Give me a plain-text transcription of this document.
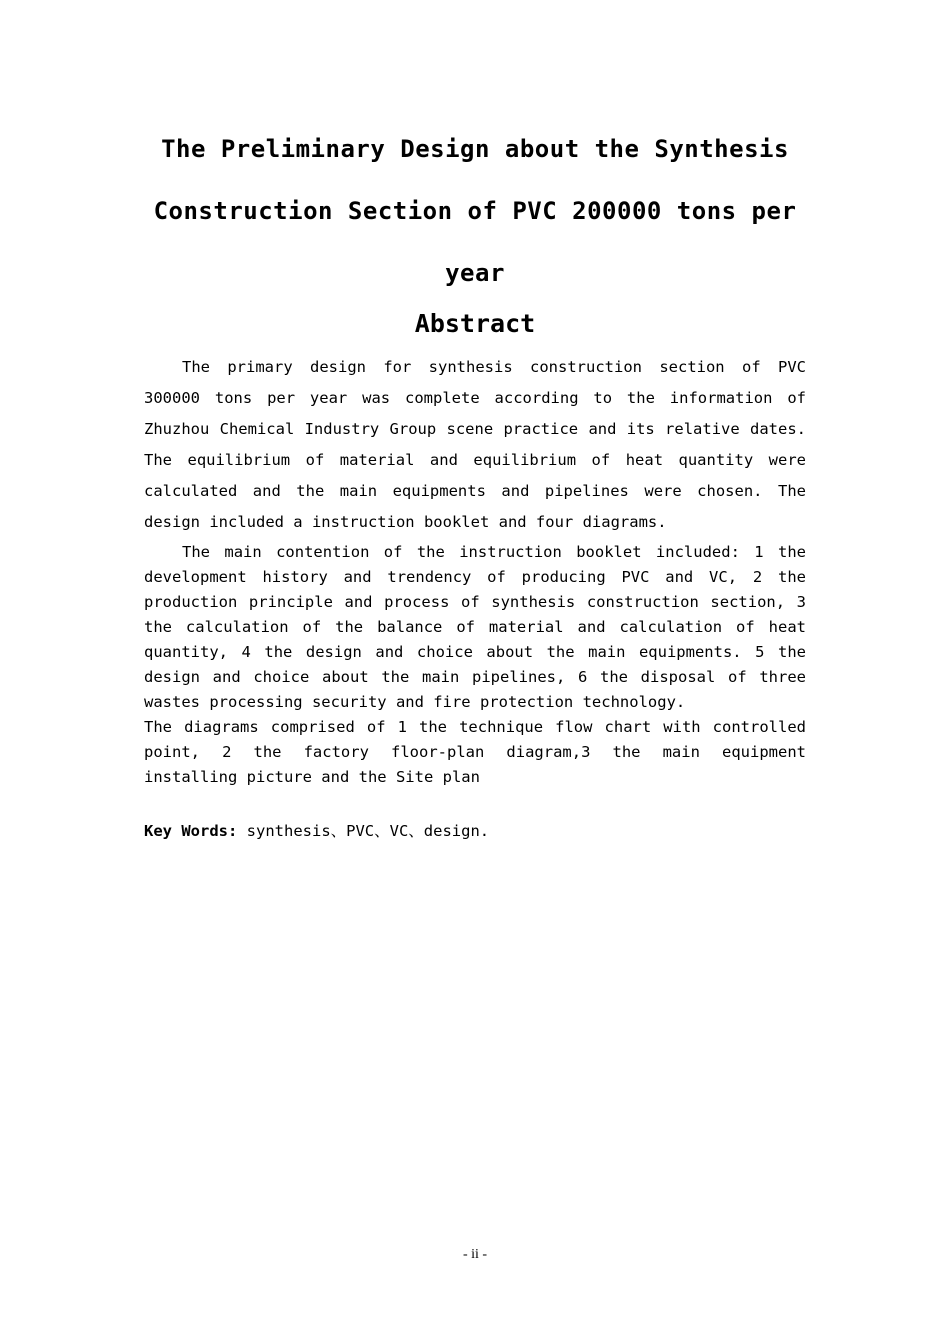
The Preliminary Design about the Synthesis
Construction Section of PVC 200000 tons per
year
Abstract

The primary design for synthesis construction section of PVC 300000 tons per year was complete according to the information of Zhuzhou Chemical Industry Group scene practice and its relative dates. The equilibrium of material and equilibrium of heat quantity were calculated and the main equipments and pipelines were chosen. The design included a instruction booklet and four diagrams.

The main contention of the instruction booklet included: 1 the development history and trendency of producing PVC and VC, 2 the production principle and process of synthesis construction section, 3 the calculation of the balance of material and calculation of heat quantity, 4 the design and choice about the main equipments. 5 the design and choice about the main pipelines, 6 the disposal of three wastes processing security and fire protection technology.

The diagrams comprised of 1 the technique flow chart with controlled point, 2 the factory floor-plan diagram,3 the main equipment installing picture and the Site plan

Key Words: synthesis、PVC、VC、design.
- ii -
